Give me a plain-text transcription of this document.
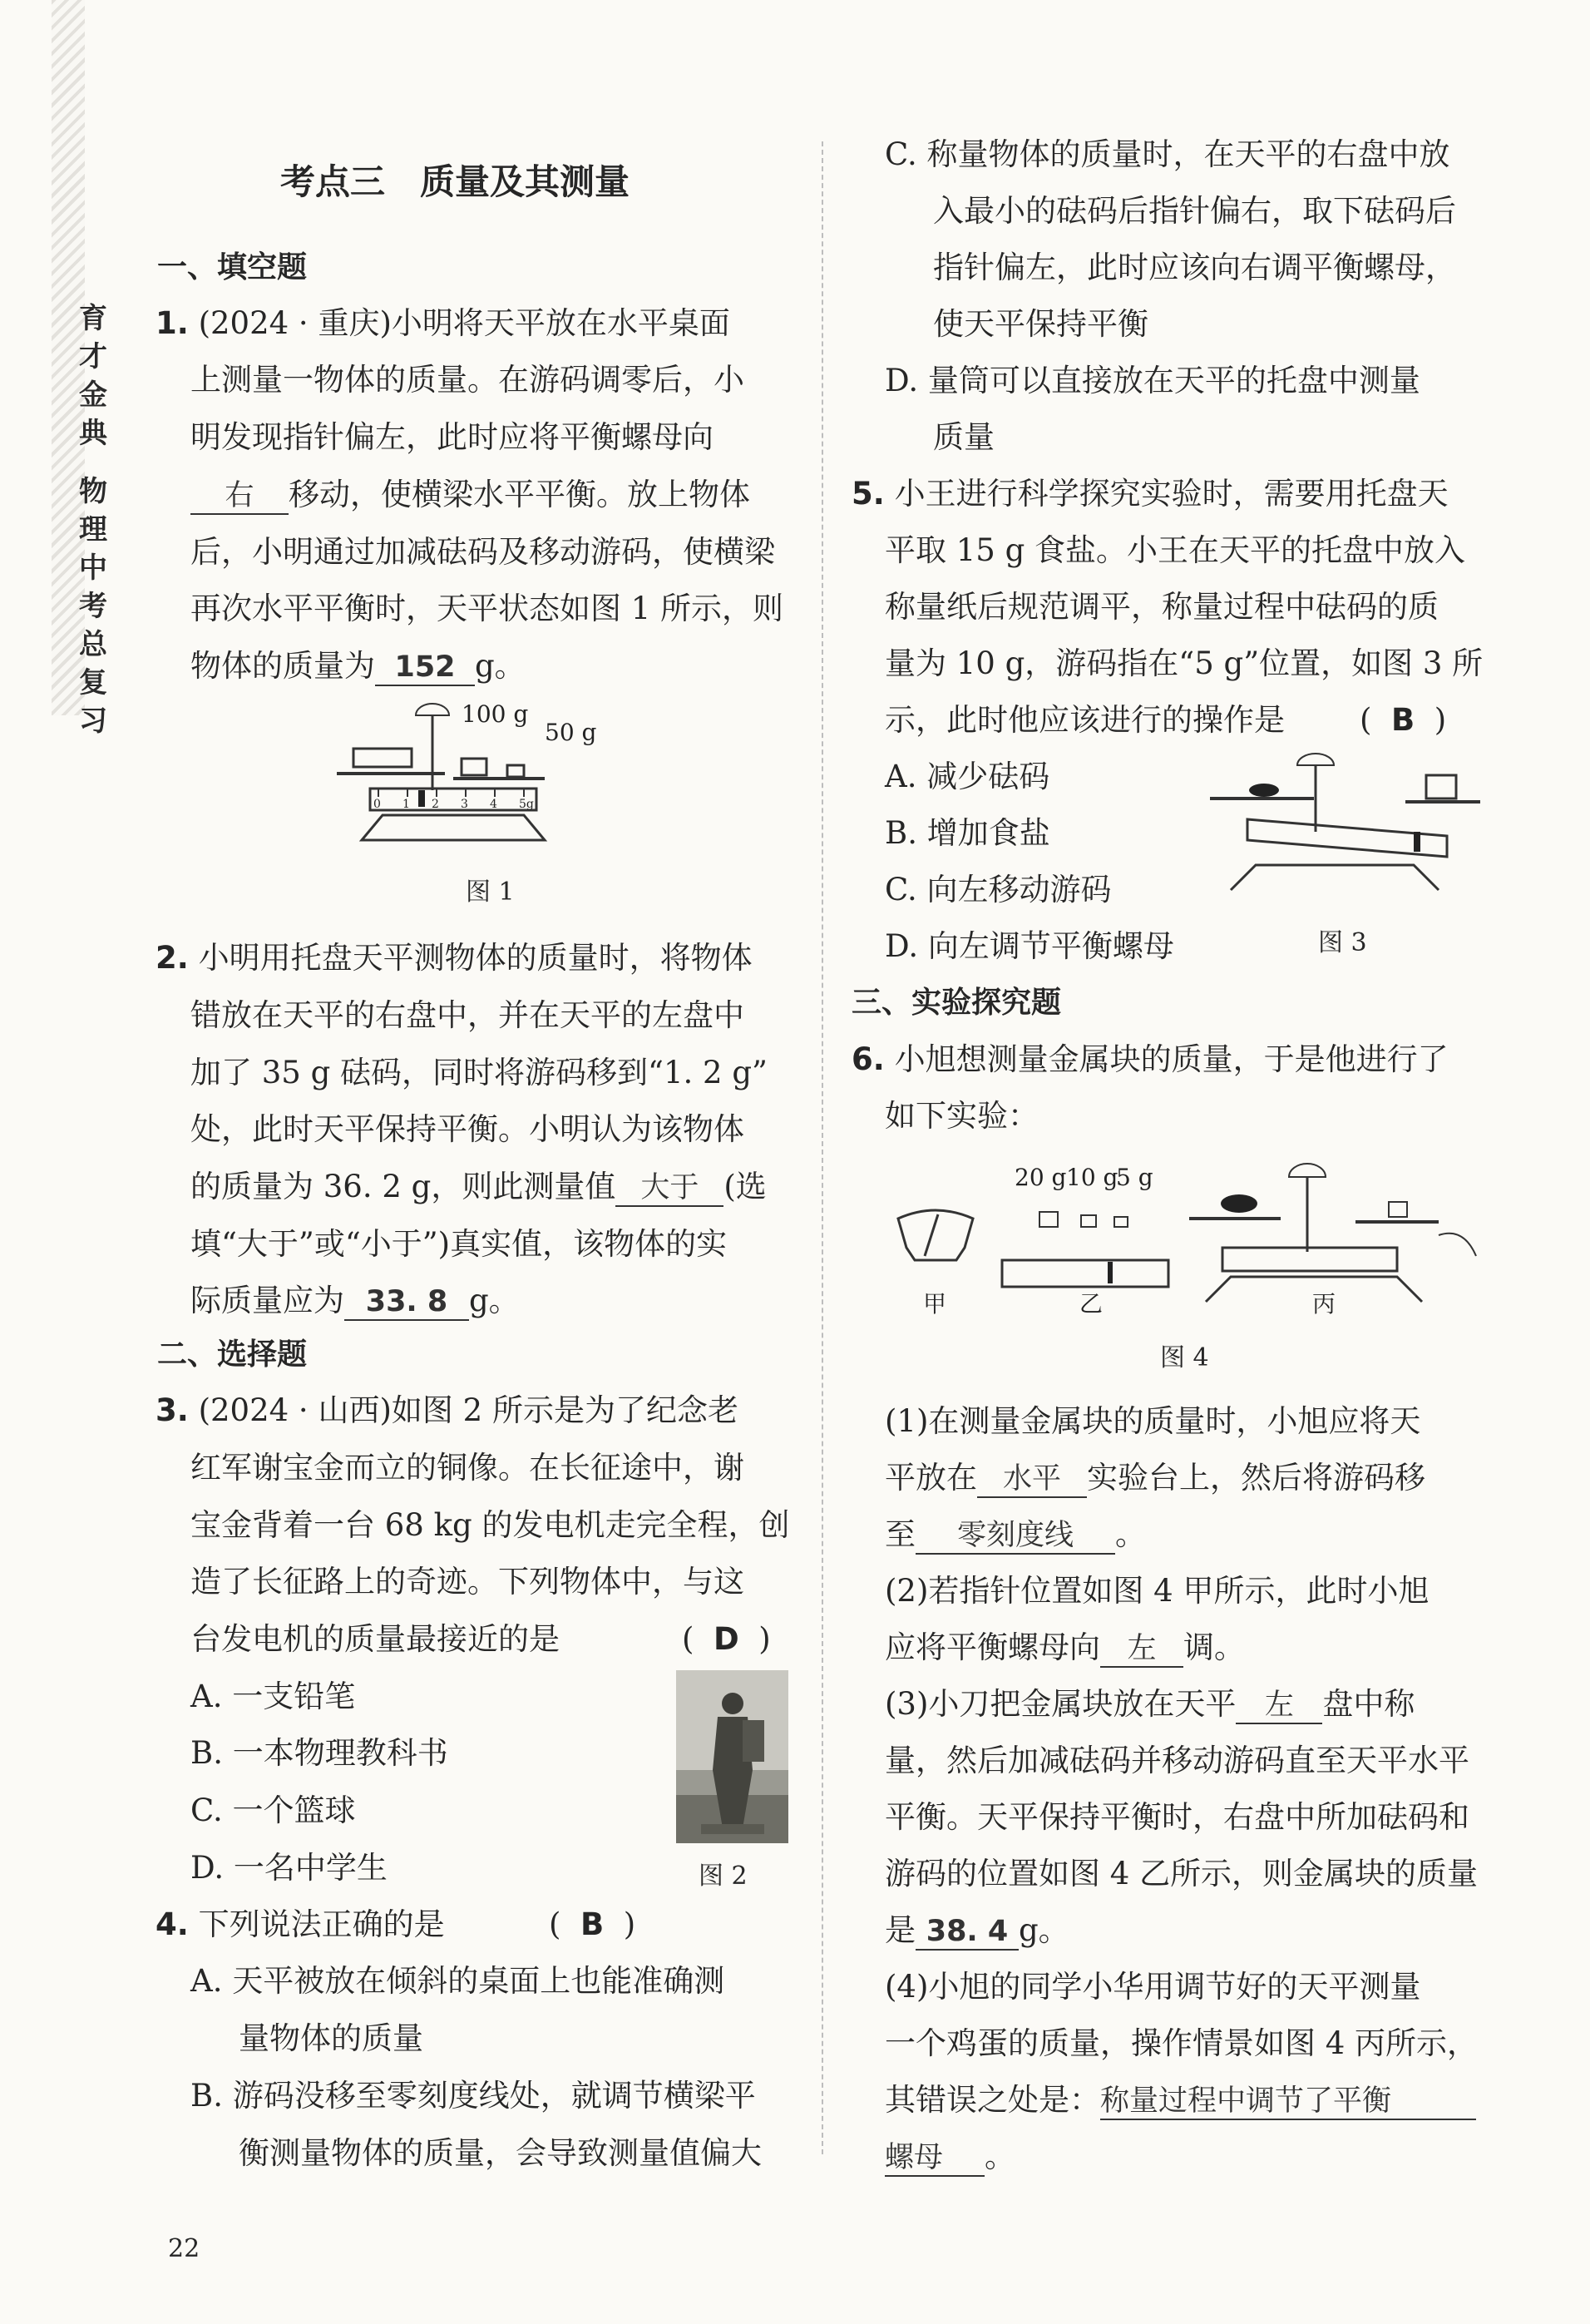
育
才
金
典
物
理
中
考
总
复
习
考点三　质量及其测量
一、填空题
1. (2024 · 重庆)小明将天平放在水平桌面
上测量一物体的质量。在游码调零后，小
明发现指针偏左，此时应将平衡螺母向
右 移动，使横梁水平平衡。放上物体
后，小明通过加减砝码及移动游码，使横梁
再次水平平衡时，天平状态如图 1 所示，则
物体的质量为 152 g。
100 g
50 g
0 1 2 3 4 5g
图 1
2. 小明用托盘天平测物体的质量时，将物体
错放在天平的右盘中，并在天平的左盘中
加了 35 g 砝码，同时将游码移到“1. 2 g”
处，此时天平保持平衡。小明认为该物体
的质量为 36. 2 g，则此测量值 大于 (选
填“大于”或“小于”)真实值，该物体的实
际质量应为 33. 8 g。
二、选择题
3. (2024 · 山西)如图 2 所示是为了纪念老
红军谢宝金而立的铜像。在长征途中，谢
宝金背着一台 68 kg 的发电机走完全程，创
造了长征路上的奇迹。下列物体中，与这
台发电机的质量最接近的是	(  D  )
A. 一支铅笔
B. 一本物理教科书
C. 一个篮球
D. 一名中学生	图 2
4. 下列说法正确的是	(  B  )
A. 天平被放在倾斜的桌面上也能准确测
量物体的质量
B. 游码没移至零刻度线处，就调节横梁平
衡测量物体的质量，会导致测量值偏大
C. 称量物体的质量时，在天平的右盘中放
入最小的砝码后指针偏右，取下砝码后
指针偏左，此时应该向右调平衡螺母，
使天平保持平衡
D. 量筒可以直接放在天平的托盘中测量
质量
5. 小王进行科学探究实验时，需要用托盘天
平取 15 g 食盐。小王在天平的托盘中放入
称量纸后规范调平，称量过程中砝码的质
量为 10 g，游码指在“5 g”位置，如图 3 所
示，此时他应该进行的操作是 (  B  )
A. 减少砝码
B. 增加食盐
C. 向左移动游码
D. 向左调节平衡螺母	图 3
三、实验探究题
6. 小旭想测量金属块的质量，于是他进行了
如下实验：
甲
20 g 10 g
5 g
乙	丙
图 4
(1)在测量金属块的质量时，小旭应将天
平放在 水平 实验台上，然后将游码移
至 零刻度线 。
(2)若指针位置如图 4 甲所示，此时小旭
应将平衡螺母向 左 调。
(3)小刀把金属块放在天平 左 盘中称
量，然后加减砝码并移动游码直至天平水平
平衡。天平保持平衡时，右盘中所加砝码和
游码的位置如图 4 乙所示，则金属块的质量
是 38. 4 g。
(4)小旭的同学小华用调节好的天平测量
一个鸡蛋的质量，操作情景如图 4 丙所示，
其错误之处是：称量过程中调节了平衡
螺母 。
22
